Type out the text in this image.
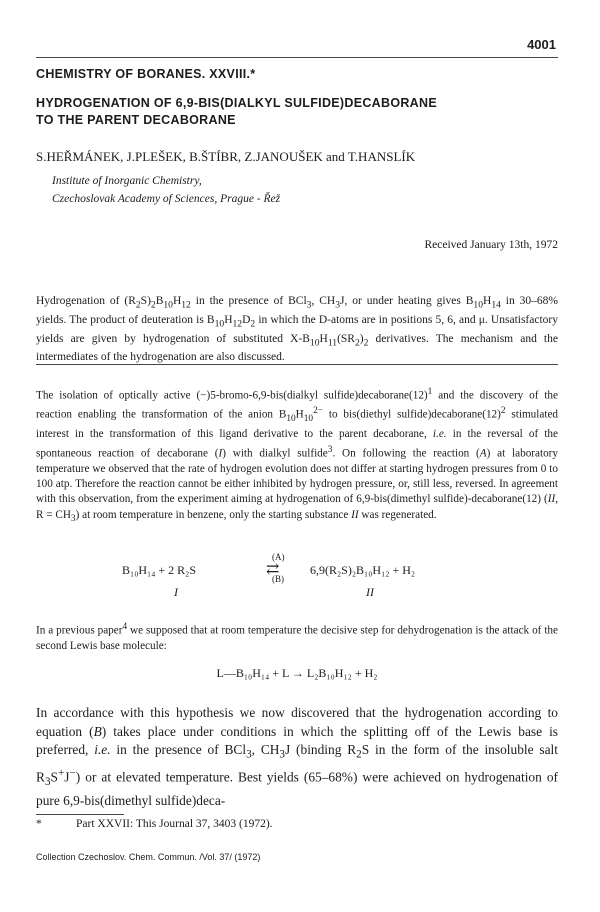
4001
CHEMISTRY OF BORANES. XXVIII.*
HYDROGENATION OF 6,9-BIS(DIALKYL SULFIDE)DECABORANE
TO THE PARENT DECABORANE
S.HEŘMÁNEK, J.PLEŠEK, B.ŠTÍBR, Z.JANOUŠEK and T.HANSLÍK
Institute of Inorganic Chemistry,
Czechoslovak Academy of Sciences, Prague - Řež
Received January 13th, 1972
Hydrogenation of $(R_2S)_2B_{10}H_{12}$ in the presence of BCl$_3$, $CH_3J$, or under heating gives $B_{10}H_{14}$ in 30–68% yields. The product of deuteration is $B_{10}H_{12}D_2$ in which the D-atoms are in positions 5, 6, and μ. Unsatisfactory yields are given by hydrogenation of substituted $X-B_{10}H_{11}(SR_2)_2$ derivatives. The mechanism and the intermediates of the hydrogenation are also discussed.
The isolation of optically active (−)5-bromo-6,9-bis(dialkyl $sulfide)decaborane(12)^1$ and the discovery of the reaction enabling the transformation of the anion $B_{10}H_{10}^{2-}$ to bis(diethyl $sulfide)decaborane(12)^2$ stimulated interest in the transformation of this ligand derivative to the parent decaborane, i.e. in the reversal of the spontaneous reaction of decaborane (I) with dialkyl sulfide$^3$. On following the reaction (A) at laboratory temperature we observed that the rate of hydrogen evolution does not differ at starting hydrogen pressures from 0 to 100 atp. Therefore the reaction cannot be either inhibited by hydrogen pressure, or, still less, reversed. In agreement with this observation, from the experiment aiming at hydrogenation of 6,9-bis(dimethyl sulfide)-decaborane(12) (II, $R = CH_3$) at room temperature in benzene, only the starting substance II was regenerated.
B₁₀H₁₄ + 2 R₂S
(A)
⇄
(B)
6,9(R₂S)₂B₁₀H₁₂ + H₂
I	II
In a previous paper$^4$ we supposed that at room temperature the decisive step for dehydrogenation is the attack of the second Lewis base molecule:
L—B₁₀H₁₄ + L → L₂B₁₀H₁₂ + H₂
In accordance with this hypothesis we now discovered that the hydrogenation according to equation (B) takes place under conditions in which the splitting off of the Lewis base is preferred, i.e. in the presence of BCl$_3$, $CH_3J$ (binding $R_2S$ in the form of the insoluble salt $R_3S^+J^-$) or at elevated temperature. Best yields (65–68%) were achieved on hydrogenation of pure 6,9-bis(dimethyl sulfide)deca-
*	Part XXVII: This Journal 37, 3403 (1972).
Collection Czechoslov. Chem. Commun. /Vol. 37/ (1972)
